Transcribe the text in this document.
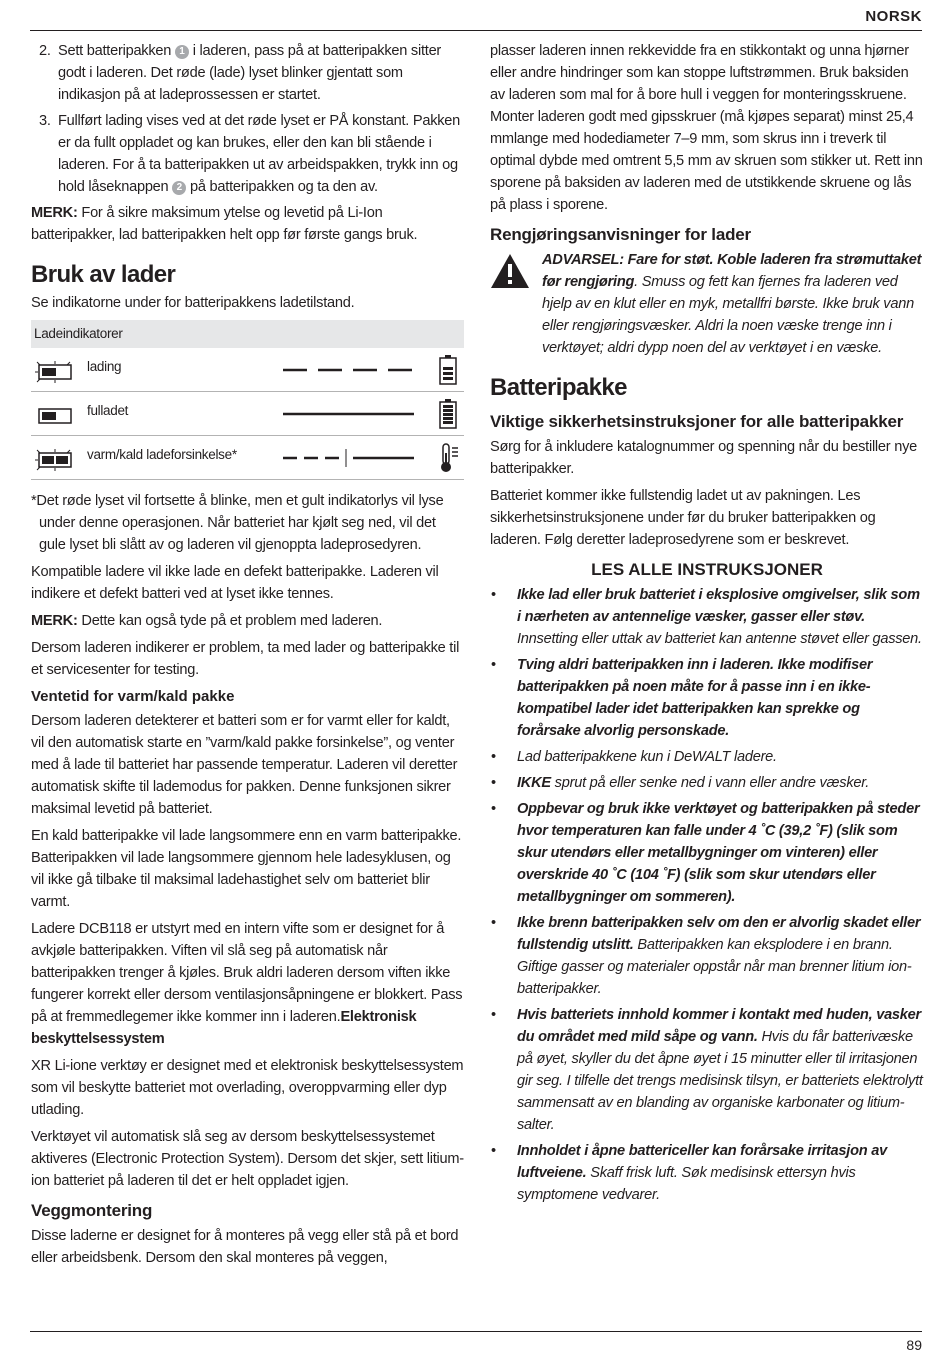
NORSK
2. Sett batteripakken 1 i laderen, pass på at batteripakken sitter godt i laderen. Det røde (lade) lyset blinker gjentatt som indikasjon på at ladeprossessen er startet.
3. Fullført lading vises ved at det røde lyset er PÅ konstant. Pakken er da fullt oppladet og kan brukes, eller den kan bli stående i laderen. For å ta batteripakken ut av arbeidspakken, trykk inn og hold låseknappen 2 på batteripakken og ta den av.

MERK: For å sikre maksimum ytelse og levetid på Li-Ion batteripakker, lad batteripakken helt opp før første gangs bruk.

Bruk av lader

Se indikatorne under for batteripakkens ladetilstand.

Ladeindikatorer
lading
fulladet
varm/kald ladeforsinkelse*

*Det røde lyset vil fortsette å blinke, men et gult indikatorlys vil lyse under denne operasjonen. Når batteriet har kjølt seg ned, vil det gule lyset bli slått av og laderen vil gjenoppta ladeprosedyren.

Kompatible ladere vil ikke lade en defekt batteripakke. Laderen vil indikere et defekt batteri ved at lyset ikke tennes.

MERK: Dette kan også tyde på et problem med laderen.

Dersom laderen indikerer er problem, ta med lader og batteripakke til et servicesenter for testing.

Ventetid for varm/kald pakke

Dersom laderen detekterer et batteri som er for varmt eller for kaldt, vil den automatisk starte en ”varm/kald pakke forsinkelse”, og venter med å lade til batteriet har passende temperatur. Laderen vil deretter automatisk skifte til lademodus for pakken. Denne funksjonen sikrer maksimal levetid på batteriet.

En kald batteripakke vil lade langsommere enn en varm batteripakke. Batteripakken vil lade langsommere gjennom hele ladesyklusen, og vil ikke gå tilbake til maksimal ladehastighet selv om batteriet blir varmt.

Ladere DCB118 er utstyrt med en intern vifte som er designet for å avkjøle batteripakken. Viften vil slå seg på automatisk når batteripakken trenger å kjøles. Bruk aldri laderen dersom viften ikke fungerer korrekt eller dersom ventilasjonsåpningene er blokkert. Pass på at fremmedlegemer ikke kommer inn i laderen.Elektronisk beskyttelsessystem

XR Li-ione verktøy er designet med et elektronisk beskyttelsessystem som vil beskytte batteriet mot overlading, overoppvarming eller dyp utlading.

Verktøyet vil automatisk slå seg av dersom beskyttelsessystemet aktiveres (Electronic Protection System). Dersom det skjer, sett litium-ion batteriet på laderen til det er helt oppladet igjen.

Veggmontering

Disse laderne er designet for å monteres på vegg eller stå på et bord eller arbeidsbenk. Dersom den skal monteres på veggen,

plasser laderen innen rekkevidde fra en stikkontakt og unna hjørner eller andre hindringer som kan stoppe luftstrømmen. Bruk baksiden av laderen som mal for å bore hull i veggen for monteringsskruene. Monter laderen godt med gipsskruer (må kjøpes separat) minst 25,4 mmlange med hodediameter 7–9 mm, som skrus inn i treverk til optimal dybde med omtrent 5,5 mm av skruen som stikker ut. Rett inn sporene på baksiden av laderen med de utstikkende skruene og lås på plass i sporene.

Rengjøringsanvisninger for lader
ADVARSEL: Fare for støt. Koble laderen fra strømuttaket før rengjøring. Smuss og fett kan fjernes fra laderen ved hjelp av en klut eller en myk, metallfri børste. Ikke bruk vann eller rengjøringsvæsker. Aldri la noen væske trenge inn i verktøyet; aldri dypp noen del av verktøyet i en væske.
Batteripakke
Viktige sikkerhetsinstruksjoner for alle batteripakker

Sørg for å inkludere katalognummer og spenning når du bestiller nye batteripakker.

Batteriet kommer ikke fullstendig ladet ut av pakningen. Les sikkerhetsinstruksjonene under før du bruker batteripakken og laderen. Følg deretter ladeprosedyrene som er beskrevet.

LES ALLE INSTRUKSJONER
•	Ikke lad eller bruk batteriet i eksplosive omgivelser, slik som i nærheten av antennelige væsker, gasser eller støv. Innsetting eller uttak av batteriet kan antenne støvet eller gassen.
•	Tving aldri batteripakken inn i laderen. Ikke modifiser batteripakken på noen måte for å passe inn i en ikke-kompatibel lader idet batteripakken kan sprekke og forårsake alvorlig personskade.
•	Lad batteripakkene kun i DeWALT ladere.
•	IKKE sprut på eller senke ned i vann eller andre væsker.
•	Oppbevar og bruk ikke verktøyet og batteripakken på steder hvor temperaturen kan falle under 4 ˚C (39,2 ˚F) (slik som skur utendørs eller metallbygninger om vinteren) eller overskride 40 ˚C (104 ˚F) (slik som skur utendørs eller metallbygninger om sommeren).
•	Ikke brenn batteripakken selv om den er alvorlig skadet eller fullstendig utslitt. Batteripakken kan eksplodere i en brann. Giftige gasser og materialer oppstår når man brenner litium ion-batteripakker.
•	Hvis batteriets innhold kommer i kontakt med huden, vasker du området med mild såpe og vann. Hvis du får batterivæske på øyet, skyller du det åpne øyet i 15 minutter eller til irritasjonen gir seg. I tilfelle det trengs medisinsk tilsyn, er batteriets elektrolytt sammensatt av en blanding av organiske karbonater og litium-salter.
•	Innholdet i åpne battericeller kan forårsake irritasjon av luftveiene. Skaff frisk luft. Søk medisinsk ettersyn hvis symptomene vedvarer.
89
